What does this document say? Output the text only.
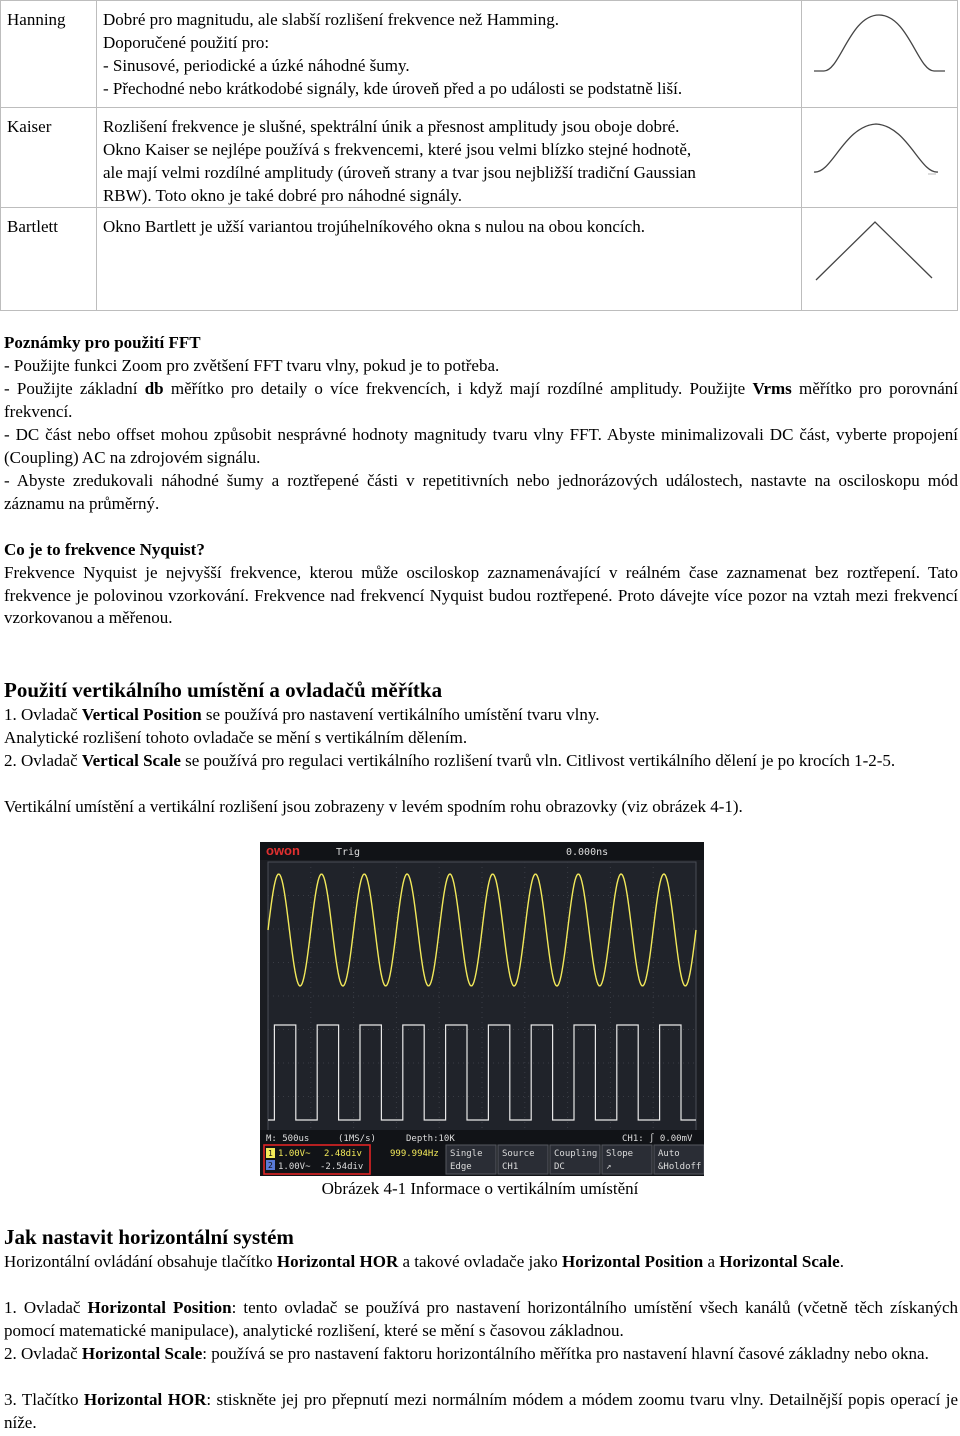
Hanning	Dobré pro magnitudu, ale slabší rozlišení frekvence než Hamming.
Doporučené použití pro:
- Sinusové, periodické a úzké náhodné šumy.
- Přechodné nebo krátkodobé signály, kde úroveň před a po události se podstatně liší.

Kaiser	Rozlišení frekvence je slušné, spektrální únik a přesnost amplitudy jsou oboje dobré.
Okno Kaiser se nejlépe používá s frekvencemi, které jsou velmi blízko stejné hodnotě,
ale mají velmi rozdílné amplitudy (úroveň strany a tvar jsou nejbližší tradiční Gaussian
RBW). Toto okno je také dobré pro náhodné signály.

Bartlett	Okno Bartlett je užší variantou trojúhelníkového okna s nulou na obou koncích.

Poznámky pro použití FFT

- Použijte funkci Zoom pro zvětšení FFT tvaru vlny, pokud je to potřeba.

- Použijte základní db měřítko pro detaily o více frekvencích, i když mají rozdílné amplitudy. Použijte Vrms měřítko pro porovnání frekvencí.

- DC část nebo offset mohou způsobit nesprávné hodnoty magnitudy tvaru vlny FFT. Abyste minimalizovali DC část, vyberte propojení (Coupling) AC na zdrojovém signálu.

- Abyste zredukovali náhodné šumy a roztřepené části v repetitivních nebo jednorázových událostech, nastavte na osciloskopu mód záznamu na průměrný.

Co je to frekvence Nyquist?

Frekvence Nyquist je nejvyšší frekvence, kterou může osciloskop zaznamenávající v reálném čase zaznamenat bez roztřepení. Tato frekvence je polovinou vzorkování. Frekvence nad frekvencí Nyquist budou roztřepené. Proto dávejte více pozor na vztah mezi frekvencí vzorkovanou a měřenou.

Použití vertikálního umístění a ovladačů měřítka

1. Ovladač Vertical Position se používá pro nastavení vertikálního umístění tvaru vlny.

Analytické rozlišení tohoto ovladače se mění s vertikálním dělením.

2. Ovladač Vertical Scale se používá pro regulaci vertikálního rozlišení tvarů vln. Citlivost vertikálního dělení je po krocích 1-2-5.

Vertikální umístění a vertikální rozlišení jsou zobrazeny v levém spodním rohu obrazovky (viz obrázek 4-1).

owon	Trig	0.000ns
M: 500us	(1MS/s)	Depth:10K	CH1: ∫ 0.00mV
1 1.00V~ 2.48div	999.994Hz
2 1.00V~ -2.54div
Single
Edge
Source
CH1
Coupling
DC
Slope
↗
Auto
&Holdoff
Obrázek 4-1 Informace o vertikálním umístění
Jak nastavit horizontální systém

Horizontální ovládání obsahuje tlačítko Horizontal HOR a takové ovladače jako Horizontal Position a Horizontal Scale.

1. Ovladač Horizontal Position: tento ovladač se používá pro nastavení horizontálního umístění všech kanálů (včetně těch získaných pomocí matematické manipulace), analytické rozlišení, které se mění s časovou základnou.

2. Ovladač Horizontal Scale: používá se pro nastavení faktoru horizontálního měřítka pro nastavení hlavní časové základny nebo okna.

3. Tlačítko Horizontal HOR: stiskněte jej pro přepnutí mezi normálním módem a módem zoomu tvaru vlny. Detailnější popis operací je níže.
